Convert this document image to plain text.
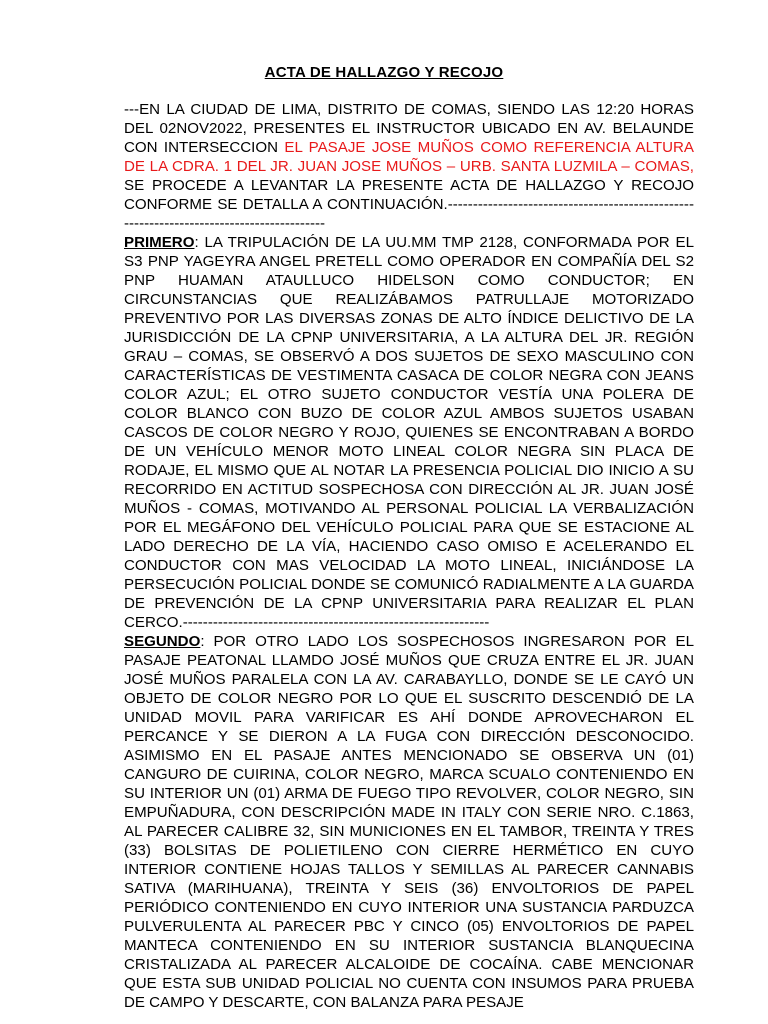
ACTA DE HALLAZGO Y RECOJO

---EN LA CIUDAD DE LIMA, DISTRITO DE COMAS, SIENDO LAS 12:20 HORAS DEL 02NOV2022, PRESENTES EL INSTRUCTOR UBICADO EN AV. BELAUNDE CON INTERSECCION EL PASAJE JOSE MUÑOS COMO REFERENCIA ALTURA DE LA CDRA. 1 DEL JR. JUAN JOSE MUÑOS – URB. SANTA LUZMILA – COMAS, SE PROCEDE A LEVANTAR LA PRESENTE ACTA DE HALLAZGO Y RECOJO CONFORME SE DETALLA A CONTINUACIÓN.-----------------------------------------------------------------------------------------

PRIMERO: LA TRIPULACIÓN DE LA UU.MM TMP 2128, CONFORMADA POR EL S3 PNP YAGEYRA ANGEL PRETELL COMO OPERADOR EN COMPAÑÍA DEL S2 PNP HUAMAN ATAULLUCO HIDELSON COMO CONDUCTOR; EN CIRCUNSTANCIAS QUE REALIZÁBAMOS PATRULLAJE MOTORIZADO PREVENTIVO POR LAS DIVERSAS ZONAS DE ALTO ÍNDICE DELICTIVO DE LA JURISDICCIÓN DE LA CPNP UNIVERSITARIA, A LA ALTURA DEL JR. REGIÓN GRAU – COMAS, SE OBSERVÓ A DOS SUJETOS DE SEXO MASCULINO CON CARACTERÍSTICAS DE VESTIMENTA CASACA DE COLOR NEGRA CON JEANS COLOR AZUL; EL OTRO SUJETO CONDUCTOR VESTÍA UNA POLERA DE COLOR BLANCO CON BUZO DE COLOR AZUL AMBOS SUJETOS USABAN CASCOS DE COLOR NEGRO Y ROJO, QUIENES SE ENCONTRABAN A BORDO DE UN VEHÍCULO MENOR MOTO LINEAL COLOR NEGRA SIN PLACA DE RODAJE, EL MISMO QUE AL NOTAR LA PRESENCIA POLICIAL DIO INICIO A SU RECORRIDO EN ACTITUD SOSPECHOSA CON DIRECCIÓN AL JR. JUAN JOSÉ MUÑOS - COMAS, MOTIVANDO AL PERSONAL POLICIAL LA VERBALIZACIÓN POR EL MEGÁFONO DEL VEHÍCULO POLICIAL PARA QUE SE ESTACIONE AL LADO DERECHO DE LA VÍA, HACIENDO CASO OMISO E ACELERANDO EL CONDUCTOR CON MAS VELOCIDAD LA MOTO LINEAL, INICIÁNDOSE LA PERSECUCIÓN POLICIAL DONDE SE COMUNICÓ RADIALMENTE A LA GUARDA DE PREVENCIÓN DE LA CPNP UNIVERSITARIA PARA REALIZAR EL PLAN CERCO.-------------------------------------------------------------

SEGUNDO: POR OTRO LADO LOS SOSPECHOSOS INGRESARON POR EL PASAJE PEATONAL LLAMDO JOSÉ MUÑOS QUE CRUZA ENTRE EL JR. JUAN JOSÉ MUÑOS PARALELA CON LA AV. CARABAYLLO, DONDE SE LE CAYÓ UN OBJETO DE COLOR NEGRO POR LO QUE EL SUSCRITO DESCENDIÓ DE LA UNIDAD MOVIL PARA VARIFICAR ES AHÍ DONDE APROVECHARON EL PERCANCE Y SE DIERON A LA FUGA CON DIRECCIÓN DESCONOCIDO. ASIMISMO EN EL PASAJE ANTES MENCIONADO SE OBSERVA UN (01) CANGURO DE CUIRINA, COLOR NEGRO, MARCA SCUALO CONTENIENDO EN SU INTERIOR UN (01) ARMA DE FUEGO TIPO REVOLVER, COLOR NEGRO, SIN EMPUÑADURA, CON DESCRIPCIÓN MADE IN ITALY CON SERIE NRO. C.1863, AL PARECER CALIBRE 32, SIN MUNICIONES EN EL TAMBOR, TREINTA Y TRES (33) BOLSITAS DE POLIETILENO CON CIERRE HERMÉTICO EN CUYO INTERIOR CONTIENE HOJAS TALLOS Y SEMILLAS AL PARECER CANNABIS SATIVA (MARIHUANA), TREINTA Y SEIS (36) ENVOLTORIOS DE PAPEL PERIÓDICO CONTENIENDO EN CUYO INTERIOR UNA SUSTANCIA PARDUZCA PULVERULENTA AL PARECER PBC Y CINCO (05) ENVOLTORIOS DE PAPEL MANTECA CONTENIENDO EN SU INTERIOR SUSTANCIA BLANQUECINA CRISTALIZADA AL PARECER ALCALOIDE DE COCAÍNA. CABE MENCIONAR QUE ESTA SUB UNIDAD POLICIAL NO CUENTA CON INSUMOS PARA PRUEBA DE CAMPO Y DESCARTE, CON BALANZA PARA PESAJE
